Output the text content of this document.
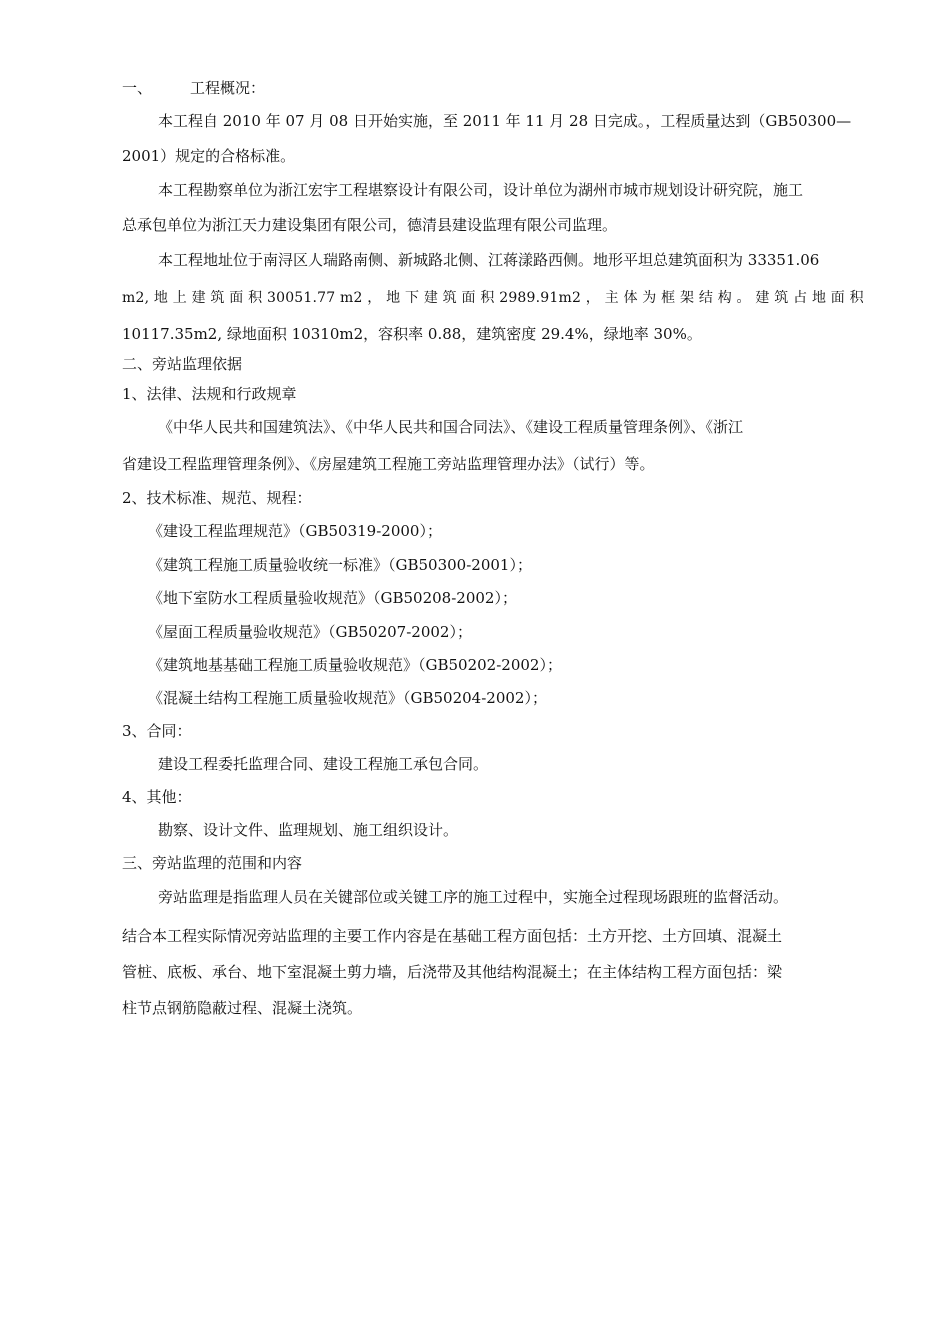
一、	工程概况：
本工程自 2010 年 07 月 08 日开始实施，至 2011 年 11 月 28 日完成。，工程质量达到（GB50300—
2001）规定的合格标准。
本工程勘察单位为浙江宏宇工程堪察设计有限公司，设计单位为湖州市城市规划设计研究院，施工
总承包单位为浙江天力建设集团有限公司，德清县建设监理有限公司监理。
本工程地址位于南浔区人瑞路南侧、新城路北侧、江蒋漾路西侧。地形平坦总建筑面积为 33351.06
m2, 地 上 建 筑 面 积 30051.77 m2 ， 地 下 建 筑 面 积 2989.91m2 ， 主 体 为 框 架 结 构 。 建 筑 占 地 面 积
10117.35m2, 绿地面积 10310m2，容积率 0.88，建筑密度 29.4%，绿地率 30%。
二、旁站监理依据
1、法律、法规和行政规章
《中华人民共和国建筑法》、《中华人民共和国合同法》、《建设工程质量管理条例》、《浙江
省建设工程监理管理条例》、《房屋建筑工程施工旁站监理管理办法》（试行）等。
2、技术标准、规范、规程：
《建设工程监理规范》（GB50319-2000）；
《建筑工程施工质量验收统一标准》（GB50300-2001）；
《地下室防水工程质量验收规范》（GB50208-2002）；
《屋面工程质量验收规范》（GB50207-2002）；
《建筑地基基础工程施工质量验收规范》（GB50202-2002）；
《混凝土结构工程施工质量验收规范》（GB50204-2002）；
3、合同：
建设工程委托监理合同、建设工程施工承包合同。
4、其他：
勘察、设计文件、监理规划、施工组织设计。
三、旁站监理的范围和内容
旁站监理是指监理人员在关键部位或关键工序的施工过程中，实施全过程现场跟班的监督活动。
结合本工程实际情况旁站监理的主要工作内容是在基础工程方面包括：土方开挖、土方回填、混凝土
管桩、底板、承台、地下室混凝土剪力墙，后浇带及其他结构混凝土；在主体结构工程方面包括：梁
柱节点钢筋隐蔽过程、混凝土浇筑。
